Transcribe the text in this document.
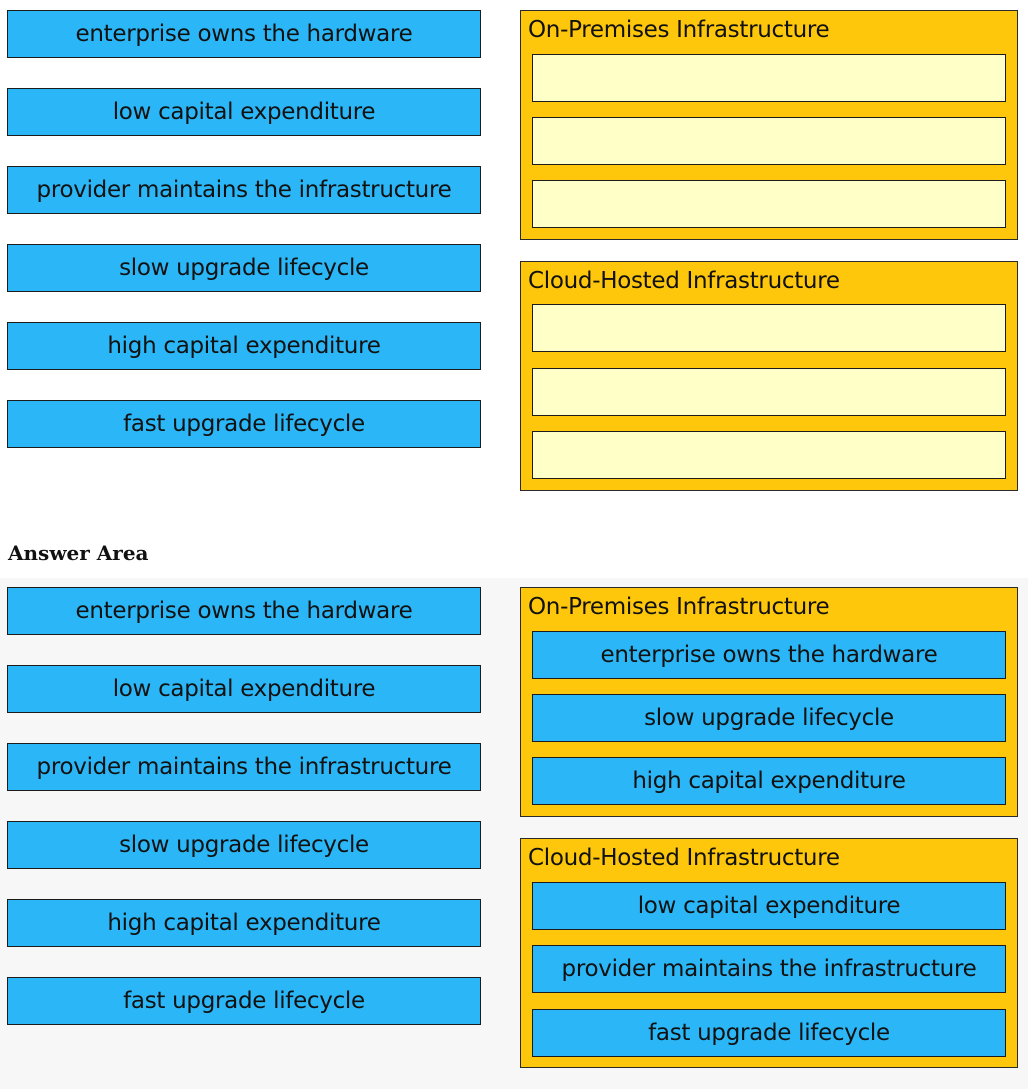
enterprise owns the hardware
low capital expenditure
provider maintains the infrastructure
slow upgrade lifecycle
high capital expenditure
fast upgrade lifecycle
On-Premises Infrastructure
Cloud-Hosted Infrastructure
Answer Area
enterprise owns the hardware
low capital expenditure
provider maintains the infrastructure
slow upgrade lifecycle
high capital expenditure
fast upgrade lifecycle
On-Premises Infrastructure
enterprise owns the hardware
slow upgrade lifecycle
high capital expenditure
Cloud-Hosted Infrastructure
low capital expenditure
provider maintains the infrastructure
fast upgrade lifecycle
